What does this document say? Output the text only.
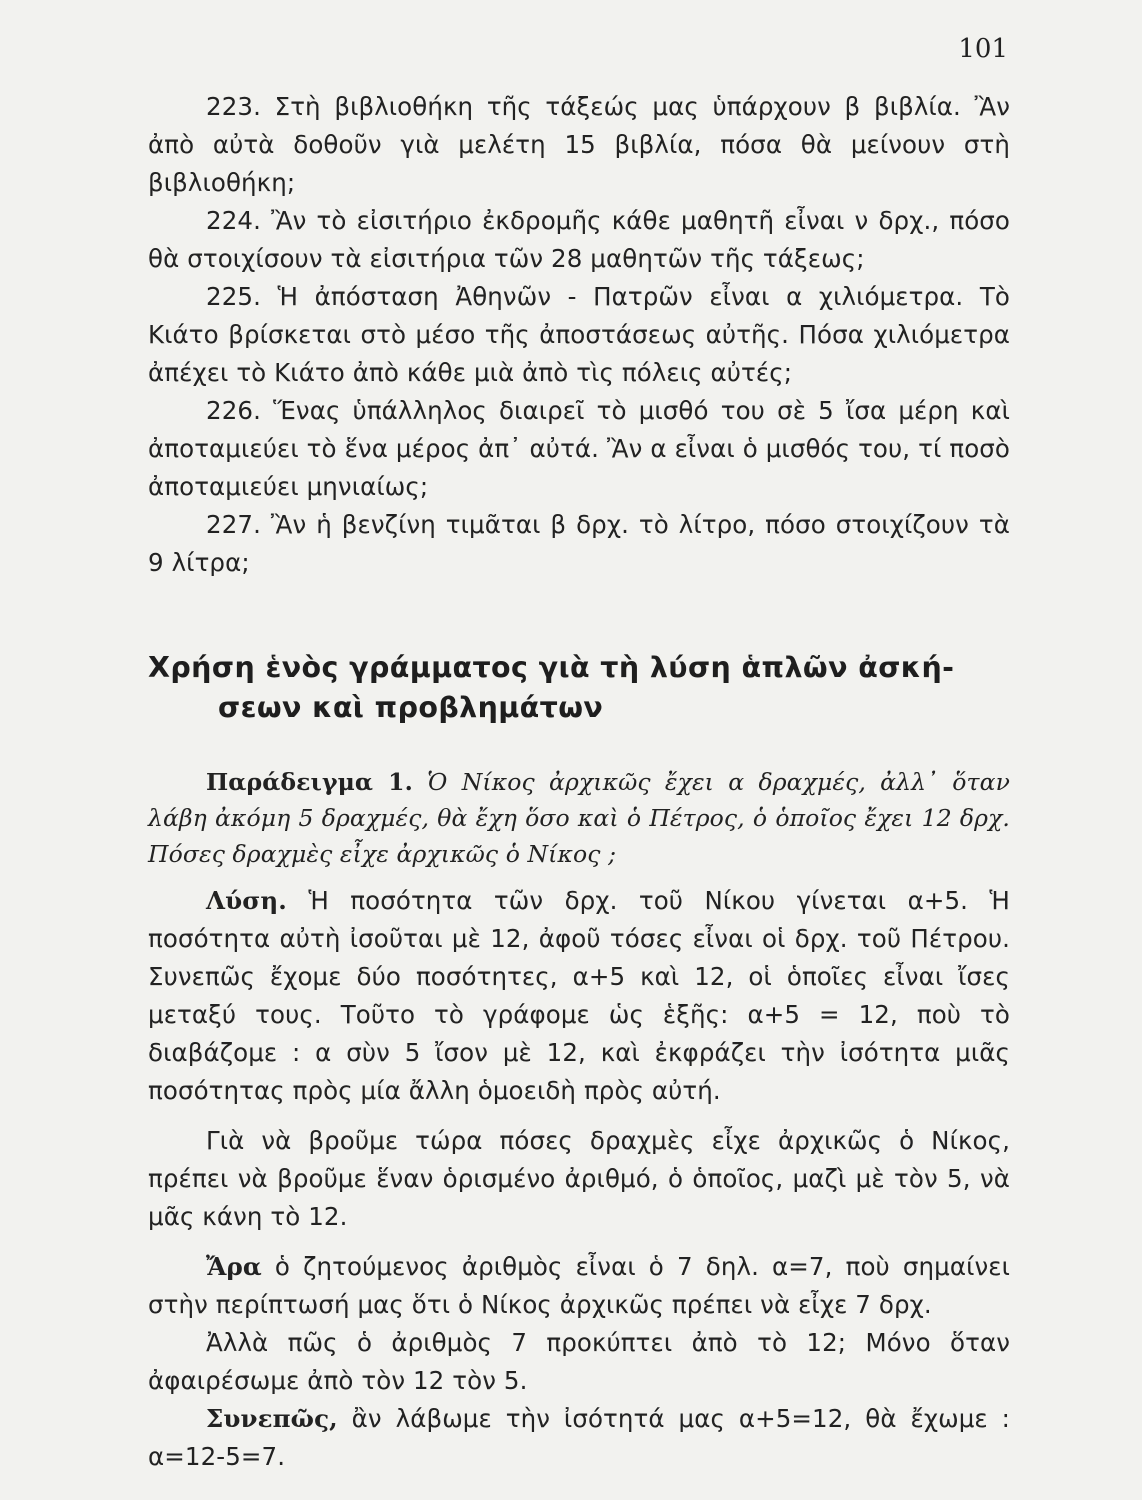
101

223. Στὴ βιβλιοθήκη τῆς τάξεώς μας ὑπάρχουν β βιβλία. Ἂν ἀπὸ αὐτὰ δοθοῦν γιὰ μελέτη 15 βιβλία, πόσα θὰ μείνουν στὴ βιβλιοθήκη;

224. Ἂν τὸ εἰσιτήριο ἐκδρομῆς κάθε μαθητῆ εἶναι ν δρχ., πόσο θὰ στοιχίσουν τὰ εἰσιτήρια τῶν 28 μαθητῶν τῆς τάξεως;

225. Ἡ ἀπόσταση Ἀθηνῶν - Πατρῶν εἶναι α χιλιόμετρα. Τὸ Κιάτο βρίσκεται στὸ μέσο τῆς ἀποστάσεως αὐτῆς. Πόσα χιλιόμετρα ἀπέχει τὸ Κιάτο ἀπὸ κάθε μιὰ ἀπὸ τὶς πόλεις αὐτές;

226. Ἕνας ὑπάλληλος διαιρεῖ τὸ μισθό του σὲ 5 ἴσα μέρη καὶ ἀποταμιεύει τὸ ἕνα μέρος ἀπ᾿ αὐτά. Ἂν α εἶναι ὁ μισθός του, τί ποσὸ ἀποταμιεύει μηνιαίως;

227. Ἂν ἡ βενζίνη τιμᾶται β δρχ. τὸ λίτρο, πόσο στοιχίζουν τὰ 9 λίτρα;

Χρήση ἑνὸς γράμματος γιὰ τὴ λύση ἁπλῶν ἀσκή-
σεων καὶ προβλημάτων

Παράδειγμα 1. Ὁ Νίκος ἀρχικῶς ἔχει α δραχμές, ἀλλ᾿ ὅταν λάβη ἀκόμη 5 δραχμές, θὰ ἔχη ὅσο καὶ ὁ Πέτρος, ὁ ὁποῖος ἔχει 12 δρχ. Πόσες δραχμὲς εἶχε ἀρχικῶς ὁ Νίκος ;

Λύση. Ἡ ποσότητα τῶν δρχ. τοῦ Νίκου γίνεται α+5. Ἡ ποσότητα αὐτὴ ἰσοῦται μὲ 12, ἀφοῦ τόσες εἶναι οἱ δρχ. τοῦ Πέτρου. Συνεπῶς ἔχομε δύο ποσότητες, α+5 καὶ 12, οἱ ὁποῖες εἶναι ἴσες μεταξύ τους. Τοῦτο τὸ γράφομε ὡς ἑξῆς: α+5 = 12, ποὺ τὸ διαβάζομε : α σὺν 5 ἴσον μὲ 12, καὶ ἐκφράζει τὴν ἰσότητα μιᾶς ποσότητας πρὸς μία ἄλλη ὁμοειδὴ πρὸς αὐτή.

Γιὰ νὰ βροῦμε τώρα πόσες δραχμὲς εἶχε ἀρχικῶς ὁ Νίκος, πρέπει νὰ βροῦμε ἕναν ὁρισμένο ἀριθμό, ὁ ὁποῖος, μαζὶ μὲ τὸν 5, νὰ μᾶς κάνη τὸ 12.

Ἄρα ὁ ζητούμενος ἀριθμὸς εἶναι ὁ 7 δηλ. α=7, ποὺ σημαίνει στὴν περίπτωσή μας ὅτι ὁ Νίκος ἀρχικῶς πρέπει νὰ εἶχε 7 δρχ.

Ἀλλὰ πῶς ὁ ἀριθμὸς 7 προκύπτει ἀπὸ τὸ 12; Μόνο ὅταν ἀφαιρέσωμε ἀπὸ τὸν 12 τὸν 5.

Συνεπῶς, ἂν λάβωμε τὴν ἰσότητά μας α+5=12, θὰ ἔχωμε : α=12-5=7.
